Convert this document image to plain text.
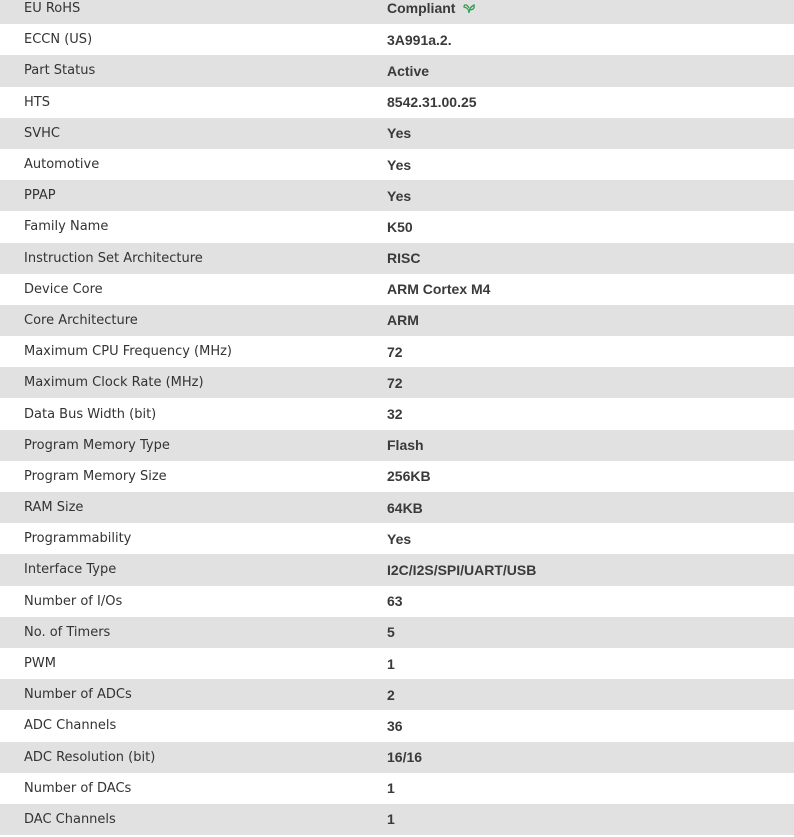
EU RoHS	Compliant
ECCN (US)	3A991a.2.
Part Status	Active
HTS	8542.31.00.25
SVHC	Yes
Automotive	Yes
PPAP	Yes
Family Name	K50
Instruction Set Architecture	RISC
Device Core	ARM Cortex M4
Core Architecture	ARM
Maximum CPU Frequency (MHz)	72
Maximum Clock Rate (MHz)	72
Data Bus Width (bit)	32
Program Memory Type	Flash
Program Memory Size	256KB
RAM Size	64KB
Programmability	Yes
Interface Type	I2C/I2S/SPI/UART/USB
Number of I/Os	63
No. of Timers	5
PWM	1
Number of ADCs	2
ADC Channels	36
ADC Resolution (bit)	16/16
Number of DACs	1
DAC Channels	1
